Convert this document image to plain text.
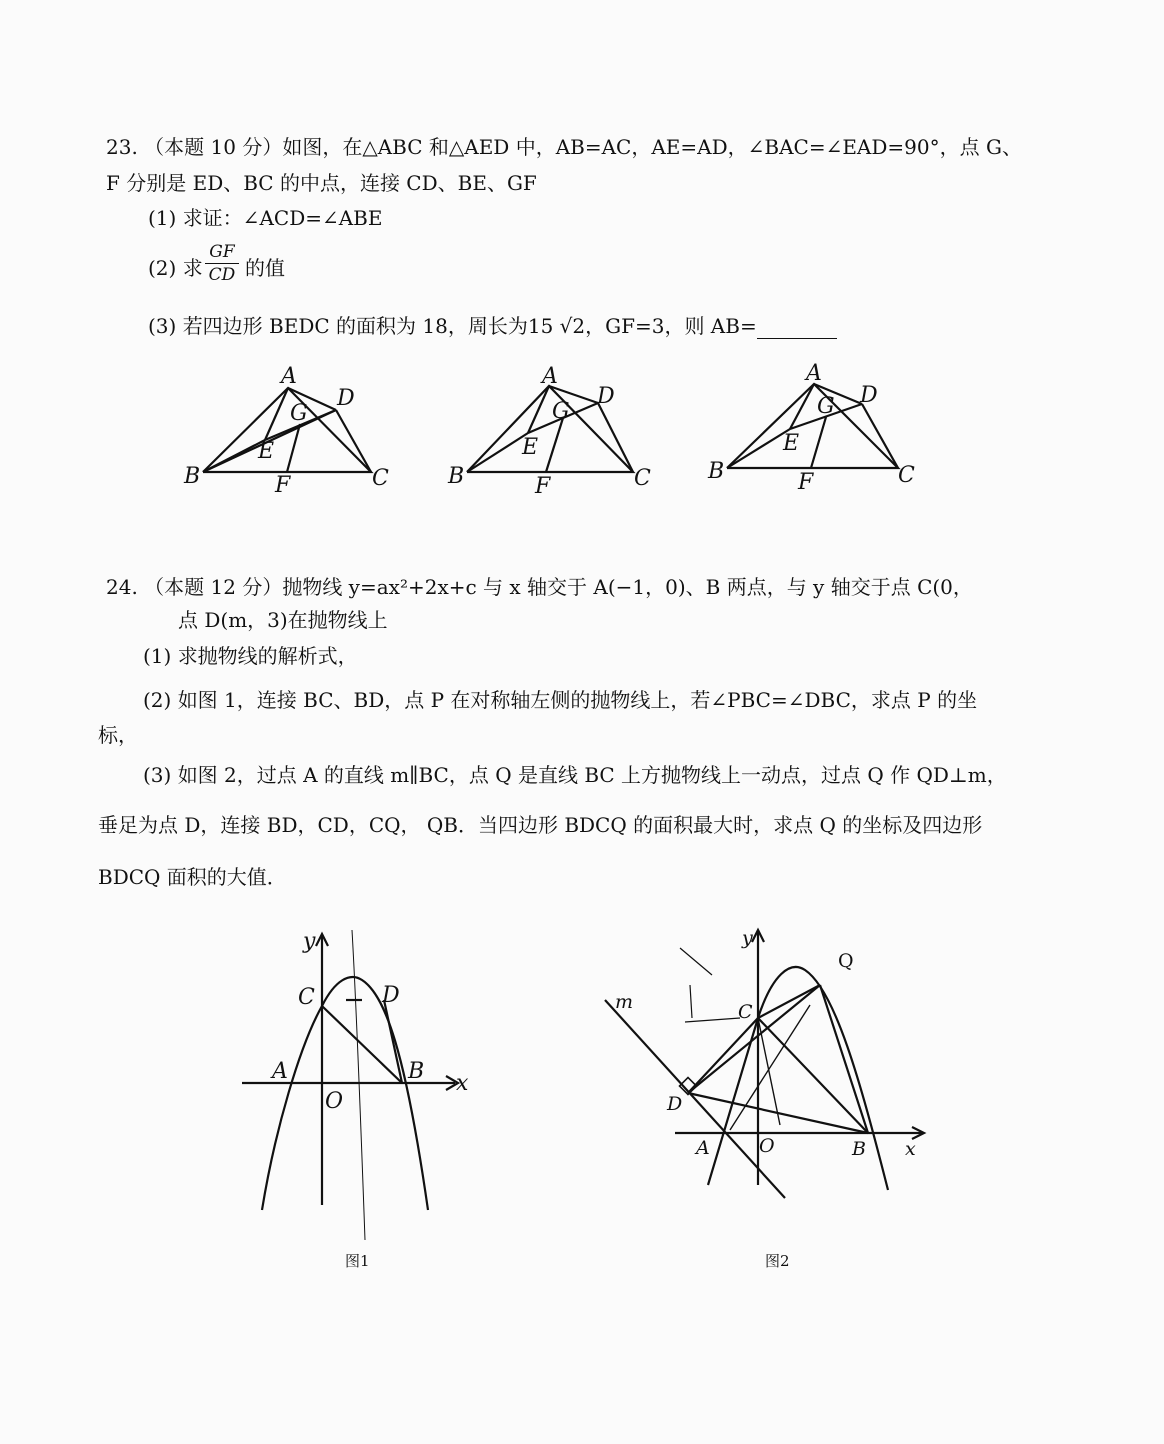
23. （本题 10 分）如图，在△ABC 和△AED 中，AB=AC，AE=AD，∠BAC=∠EAD=90°，点 G、
F 分别是 ED、BC 的中点，连接 CD、BE、GF
(1) 求证：∠ACD=∠ABE
(2) 求
GF
CD 的值
(3) 若四边形 BEDC 的面积为 18，周长为15 √2，GF=3，则 AB=
A
B	C
D
E
F
G
A
B	C
D
E
F
G
A
B	C
D
E
F
G
24. （本题 12 分）抛物线 y=ax²+2x+c 与 x 轴交于 A(−1，0)、B 两点，与 y 轴交于点 C(0，
点 D(m，3)在抛物线上
(1) 求抛物线的解析式，
(2) 如图 1，连接 BC、BD，点 P 在对称轴左侧的抛物线上，若∠PBC=∠DBC，求点 P 的坐
标，
(3) 如图 2，过点 A 的直线 m∥BC，点 Q 是直线 BC 上方抛物线上一动点，过点 Q 作 QD⊥m，
垂足为点 D，连接 BD，CD，CQ， QB．当四边形 BDCQ 的面积最大时，求点 Q 的坐标及四边形
BDCQ 面积的大值．
y
x
O
A	B
C	D
图1
y
x
O
A	B
C
D
Q
m
图2
